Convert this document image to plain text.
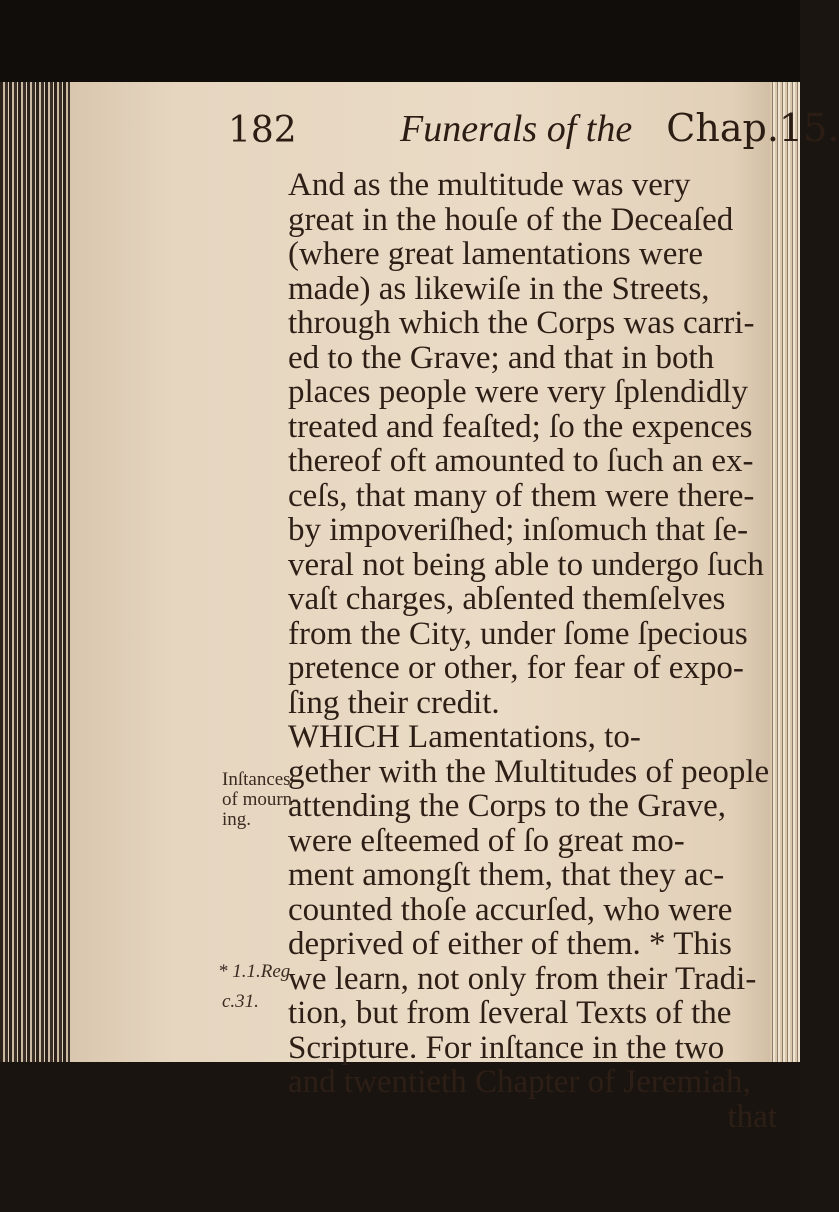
182	Funerals of the Chap.15.
And as the multitude was very
great in the houſe of the Deceaſed
(where great lamentations were
made) as likewiſe in the Streets,
through which the Corps was carri-
ed to the Grave; and that in both
places people were very ſplendidly
treated and feaſted; ſo the expences
thereof oft amounted to ſuch an ex-
ceſs, that many of them were there-
by impoveriſhed; inſomuch that ſe-
veral not being able to undergo ſuch
vaſt charges, abſented themſelves
from the City, under ſome ſpecious
pretence or other, for fear of expo-
ſing their credit.
WHICH Lamentations, to-
gether with the Multitudes of people
attending the Corps to the Grave,
were eſteemed of ſo great mo-
ment amongſt them, that they ac-
counted thoſe accurſed, who were
deprived of either of them. * This
we learn, not only from their Tradi-
tion, but from ſeveral Texts of the
Scripture. For inſtance in the two
and twentieth Chapter of Jeremiah,
that
Inſtances
of mourn-
ing.
* 1.1.Reg.
c.31.
